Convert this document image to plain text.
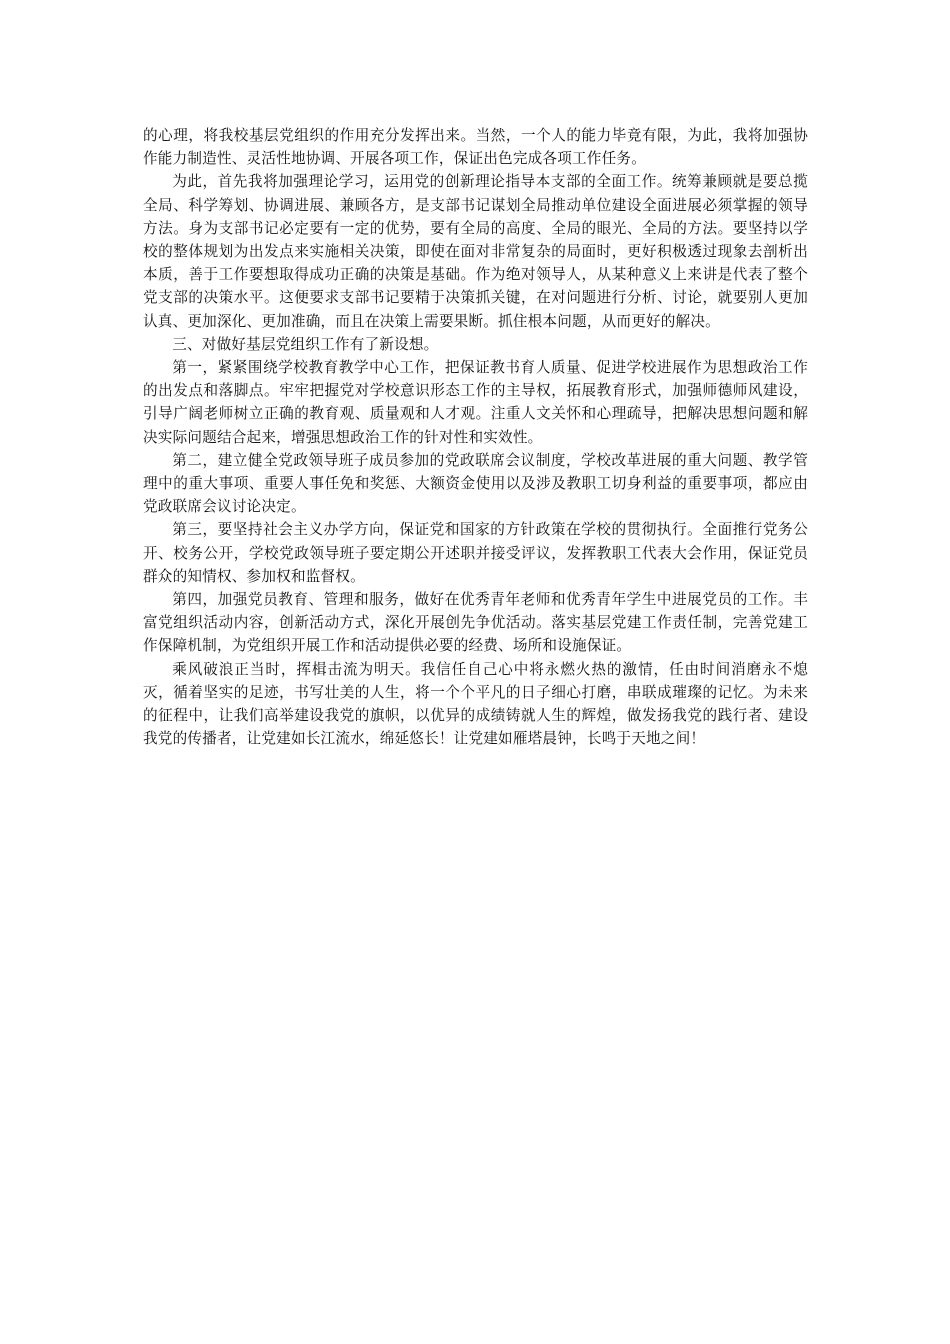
的心理，将我校基层党组织的作用充分发挥出来。当然，一个人的能力毕竟有限，为此，我将加强协作能力制造性、灵活性地协调、开展各项工作，保证出色完成各项工作任务。

为此，首先我将加强理论学习，运用党的创新理论指导本支部的全面工作。统筹兼顾就是要总揽全局、科学筹划、协调进展、兼顾各方，是支部书记谋划全局推动单位建设全面进展必须掌握的领导方法。身为支部书记必定要有一定的优势，要有全局的高度、全局的眼光、全局的方法。要坚持以学校的整体规划为出发点来实施相关决策，即使在面对非常复杂的局面时，更好积极透过现象去剖析出本质，善于工作要想取得成功正确的决策是基础。作为绝对领导人，从某种意义上来讲是代表了整个党支部的决策水平。这便要求支部书记要精于决策抓关键，在对问题进行分析、讨论，就要别人更加认真、更加深化、更加准确，而且在决策上需要果断。抓住根本问题，从而更好的解决。

三、对做好基层党组织工作有了新设想。

第一，紧紧围绕学校教育教学中心工作，把保证教书育人质量、促进学校进展作为思想政治工作的出发点和落脚点。牢牢把握党对学校意识形态工作的主导权，拓展教育形式，加强师德师风建设，引导广阔老师树立正确的教育观、质量观和人才观。注重人文关怀和心理疏导，把解决思想问题和解决实际问题结合起来，增强思想政治工作的针对性和实效性。

第二，建立健全党政领导班子成员参加的党政联席会议制度，学校改革进展的重大问题、教学管理中的重大事项、重要人事任免和奖惩、大额资金使用以及涉及教职工切身利益的重要事项，都应由党政联席会议讨论决定。

第三，要坚持社会主义办学方向，保证党和国家的方针政策在学校的贯彻执行。全面推行党务公开、校务公开，学校党政领导班子要定期公开述职并接受评议，发挥教职工代表大会作用，保证党员群众的知情权、参加权和监督权。

第四，加强党员教育、管理和服务，做好在优秀青年老师和优秀青年学生中进展党员的工作。丰富党组织活动内容，创新活动方式，深化开展创先争优活动。落实基层党建工作责任制，完善党建工作保障机制，为党组织开展工作和活动提供必要的经费、场所和设施保证。

乘风破浪正当时，挥楫击流为明天。我信任自己心中将永燃火热的激情，任由时间消磨永不熄灭，循着坚实的足迹，书写壮美的人生，将一个个平凡的日子细心打磨，串联成璀璨的记忆。为未来的征程中，让我们高举建设我党的旗帜，以优异的成绩铸就人生的辉煌，做发扬我党的践行者、建设我党的传播者，让党建如长江流水，绵延悠长！让党建如雁塔晨钟，长鸣于天地之间！
